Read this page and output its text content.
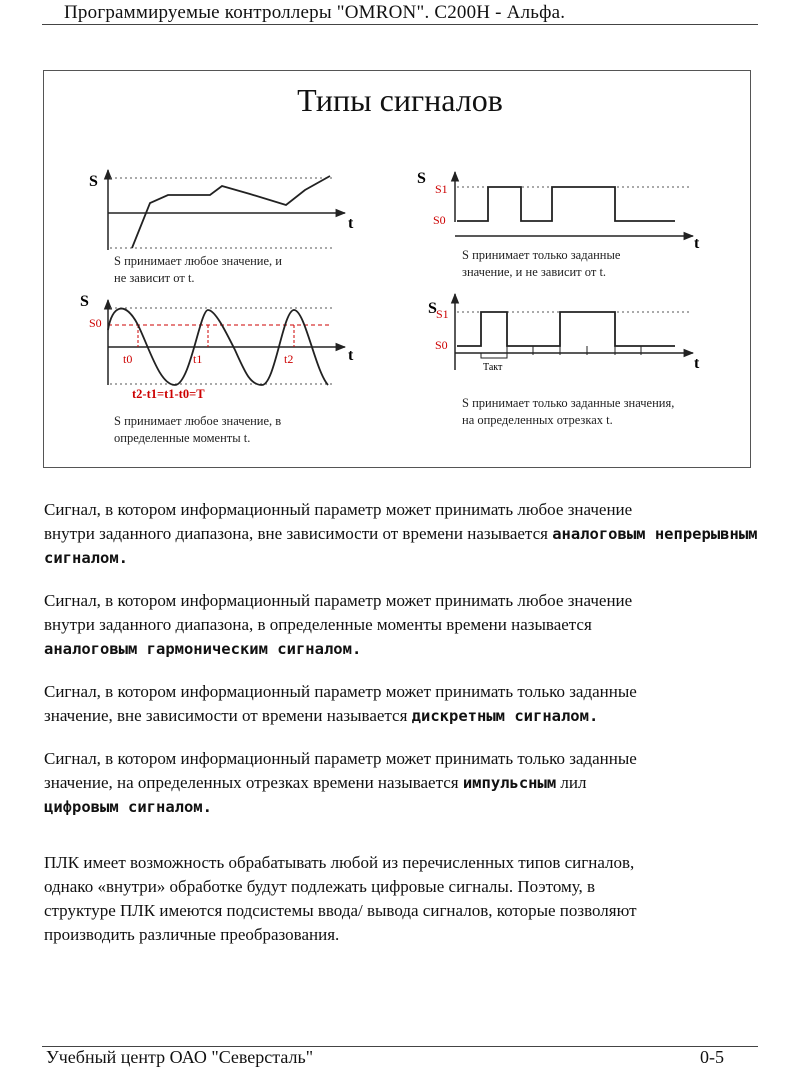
Программируемые контроллеры "OMRON". C200H - Альфа.
Типы сигналов
S
t
S
S1
S0
t
S
S0
t
t0	t1	t2
t2-t1=t1-t0=T
S S1
S0
Такт	t
S принимает любое значение, и
не зависит от t.
S принимает только заданные
значение, и не зависит от t.
S принимает любое значение, в
определенные моменты t.
S принимает только заданные значения,
на определенных отрезках t.
Сигнал, в котором информационный параметр может принимать любое значение
внутри заданного диапазона, вне зависимости от времени называется аналоговым непрерывным сигналом.
Сигнал, в котором информационный параметр может принимать любое значение
внутри заданного диапазона, в определенные моменты времени называется
аналоговым гармоническим сигналом.
Сигнал, в котором информационный параметр может принимать только заданные
значение, вне зависимости от времени называется дискретным сигналом.
Сигнал, в котором информационный параметр может принимать только заданные
значение, на определенных отрезках времени называется импульсным лил
цифровым сигналом.
ПЛК имеет возможность обрабатывать любой из перечисленных типов сигналов,
однако «внутри» обработке будут подлежать цифровые сигналы. Поэтому, в
структуре ПЛК имеются подсистемы ввода/ вывода сигналов, которые позволяют
производить различные преобразования.
Учебный центр ОАО "Северсталь"	0-5
